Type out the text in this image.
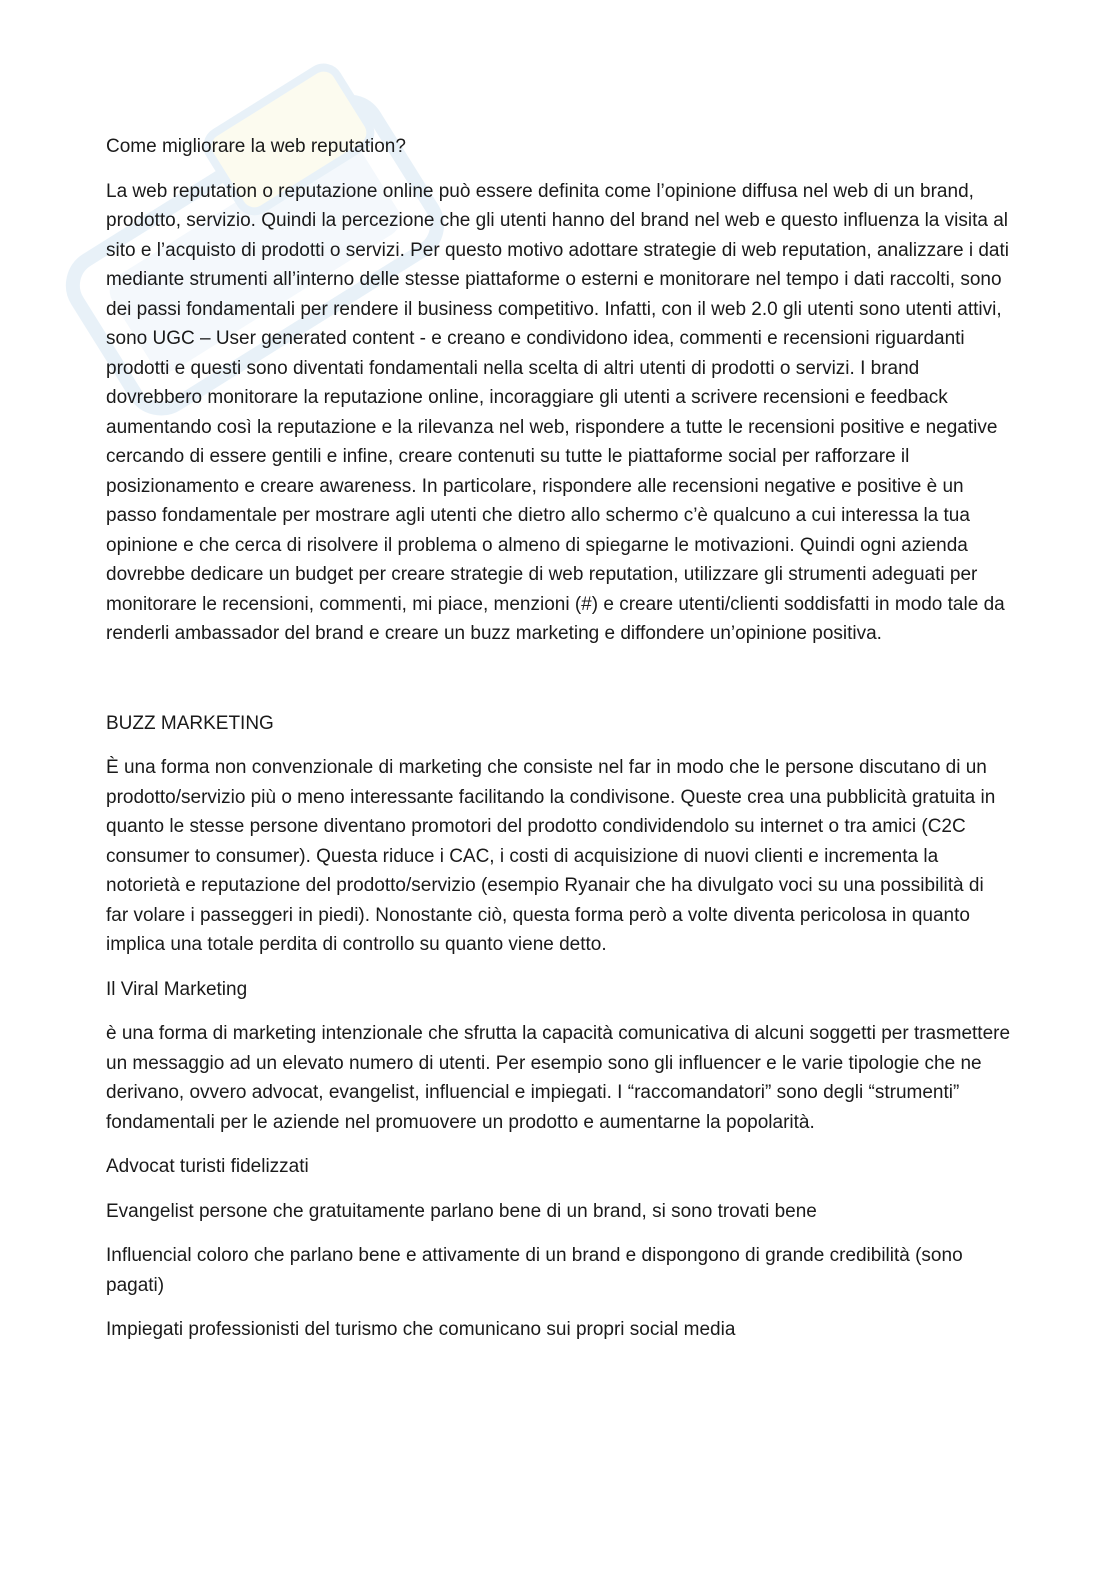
Come migliorare la web reputation?

La web reputation o reputazione online può essere definita come l’opinione diffusa nel web di un brand, prodotto, servizio. Quindi la percezione che gli utenti hanno del brand nel web e questo influenza la visita al sito e l’acquisto di prodotti o servizi. Per questo motivo adottare strategie di web reputation, analizzare i dati mediante strumenti all’interno delle stesse piattaforme o esterni e monitorare nel tempo i dati raccolti, sono dei passi fondamentali per rendere il business competitivo. Infatti, con il web 2.0 gli utenti sono utenti attivi, sono UGC – User generated content - e creano e condividono idea, commenti e recensioni riguardanti prodotti e questi sono diventati fondamentali nella scelta di altri utenti di prodotti o servizi. I brand dovrebbero monitorare la reputazione online, incoraggiare gli utenti a scrivere recensioni e feedback aumentando così la reputazione e la rilevanza nel web, rispondere a tutte le recensioni positive e negative cercando di essere gentili e infine, creare contenuti su tutte le piattaforme social per rafforzare il posizionamento e creare awareness. In particolare, rispondere alle recensioni negative e positive è un passo fondamentale per mostrare agli utenti che dietro allo schermo c’è qualcuno a cui interessa la tua opinione e che cerca di risolvere il problema o almeno di spiegarne le motivazioni. Quindi ogni azienda dovrebbe dedicare un budget per creare strategie di web reputation, utilizzare gli strumenti adeguati per monitorare le recensioni, commenti, mi piace, menzioni (#) e creare utenti/clienti soddisfatti in modo tale da renderli ambassador del brand e creare un buzz marketing e diffondere un’opinione positiva.

BUZZ MARKETING

È una forma non convenzionale di marketing che consiste nel far in modo che le persone discutano di un prodotto/servizio più o meno interessante facilitando la condivisone. Queste crea una pubblicità gratuita in quanto le stesse persone diventano promotori del prodotto condividendolo su internet o tra amici (C2C consumer to consumer). Questa riduce i CAC, i costi di acquisizione di nuovi clienti e incrementa la notorietà e reputazione del prodotto/servizio (esempio Ryanair che ha divulgato voci su una possibilità di far volare i passeggeri in piedi). Nonostante ciò, questa forma però a volte diventa pericolosa in quanto implica una totale perdita di controllo su quanto viene detto.

Il Viral Marketing

è una forma di marketing intenzionale che sfrutta la capacità comunicativa di alcuni soggetti per trasmettere un messaggio ad un elevato numero di utenti. Per esempio sono gli influencer e le varie tipologie che ne derivano, ovvero advocat, evangelist, influencial e impiegati. I “raccomandatori” sono degli “strumenti” fondamentali per le aziende nel promuovere un prodotto e aumentarne la popolarità.

Advocat turisti fidelizzati

Evangelist persone che gratuitamente parlano bene di un brand, si sono trovati bene

Influencial coloro che parlano bene e attivamente di un brand e dispongono di grande credibilità (sono pagati)

Impiegati professionisti del turismo che comunicano sui propri social media
